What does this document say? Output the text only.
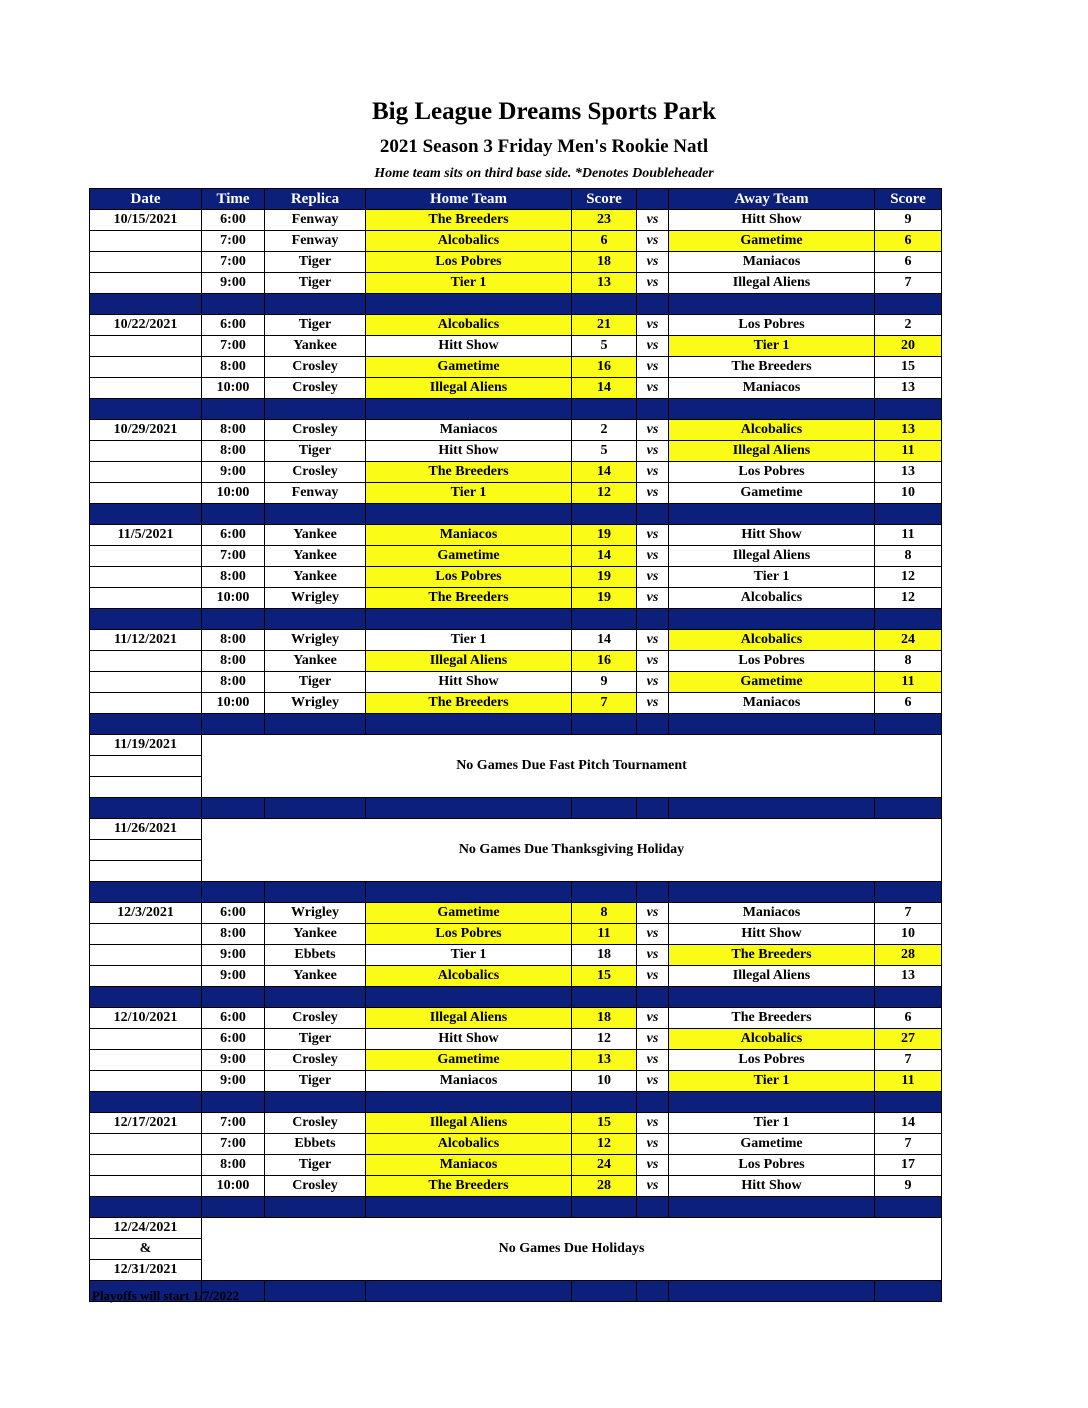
Big League Dreams Sports Park
2021 Season 3 Friday Men's Rookie Natl
Home team sits on third base side. *Denotes Doubleheader
Date	Time	Replica	Home Team	Score		Away Team	Score
10/15/2021	6:00	Fenway	The Breeders	23	vs	Hitt Show	9
	7:00	Fenway	Alcobalics	6	vs	Gametime	6
	7:00	Tiger	Los Pobres	18	vs	Maniacos	6
	9:00	Tiger	Tier 1	13	vs	Illegal Aliens	7

10/22/2021	6:00	Tiger	Alcobalics	21	vs	Los Pobres	2
	7:00	Yankee	Hitt Show	5	vs	Tier 1	20
	8:00	Crosley	Gametime	16	vs	The Breeders	15
	10:00	Crosley	Illegal Aliens	14	vs	Maniacos	13

10/29/2021	8:00	Crosley	Maniacos	2	vs	Alcobalics	13
	8:00	Tiger	Hitt Show	5	vs	Illegal Aliens	11
	9:00	Crosley	The Breeders	14	vs	Los Pobres	13
	10:00	Fenway	Tier 1	12	vs	Gametime	10

11/5/2021	6:00	Yankee	Maniacos	19	vs	Hitt Show	11
	7:00	Yankee	Gametime	14	vs	Illegal Aliens	8
	8:00	Yankee	Los Pobres	19	vs	Tier 1	12
	10:00	Wrigley	The Breeders	19	vs	Alcobalics	12

11/12/2021	8:00	Wrigley	Tier 1	14	vs	Alcobalics	24
	8:00	Yankee	Illegal Aliens	16	vs	Los Pobres	8
	8:00	Tiger	Hitt Show	9	vs	Gametime	11
	10:00	Wrigley	The Breeders	7	vs	Maniacos	6

11/19/2021	No Games Due Fast Pitch Tournament						

11/26/2021	No Games Due Thanksgiving Holiday						

12/3/2021	6:00	Wrigley	Gametime	8	vs	Maniacos	7
	8:00	Yankee	Los Pobres	11	vs	Hitt Show	10
	9:00	Ebbets	Tier 1	18	vs	The Breeders	28
	9:00	Yankee	Alcobalics	15	vs	Illegal Aliens	13

12/10/2021	6:00	Crosley	Illegal Aliens	18	vs	The Breeders	6
	6:00	Tiger	Hitt Show	12	vs	Alcobalics	27
	9:00	Crosley	Gametime	13	vs	Los Pobres	7
	9:00	Tiger	Maniacos	10	vs	Tier 1	11

12/17/2021	7:00	Crosley	Illegal Aliens	15	vs	Tier 1	14
	7:00	Ebbets	Alcobalics	12	vs	Gametime	7
	8:00	Tiger	Maniacos	24	vs	Los Pobres	17
	10:00	Crosley	The Breeders	28	vs	Hitt Show	9

12/24/2021	No Games Due Holidays						

&							
12/31/2021							

Playoffs will start 1/7/2022
